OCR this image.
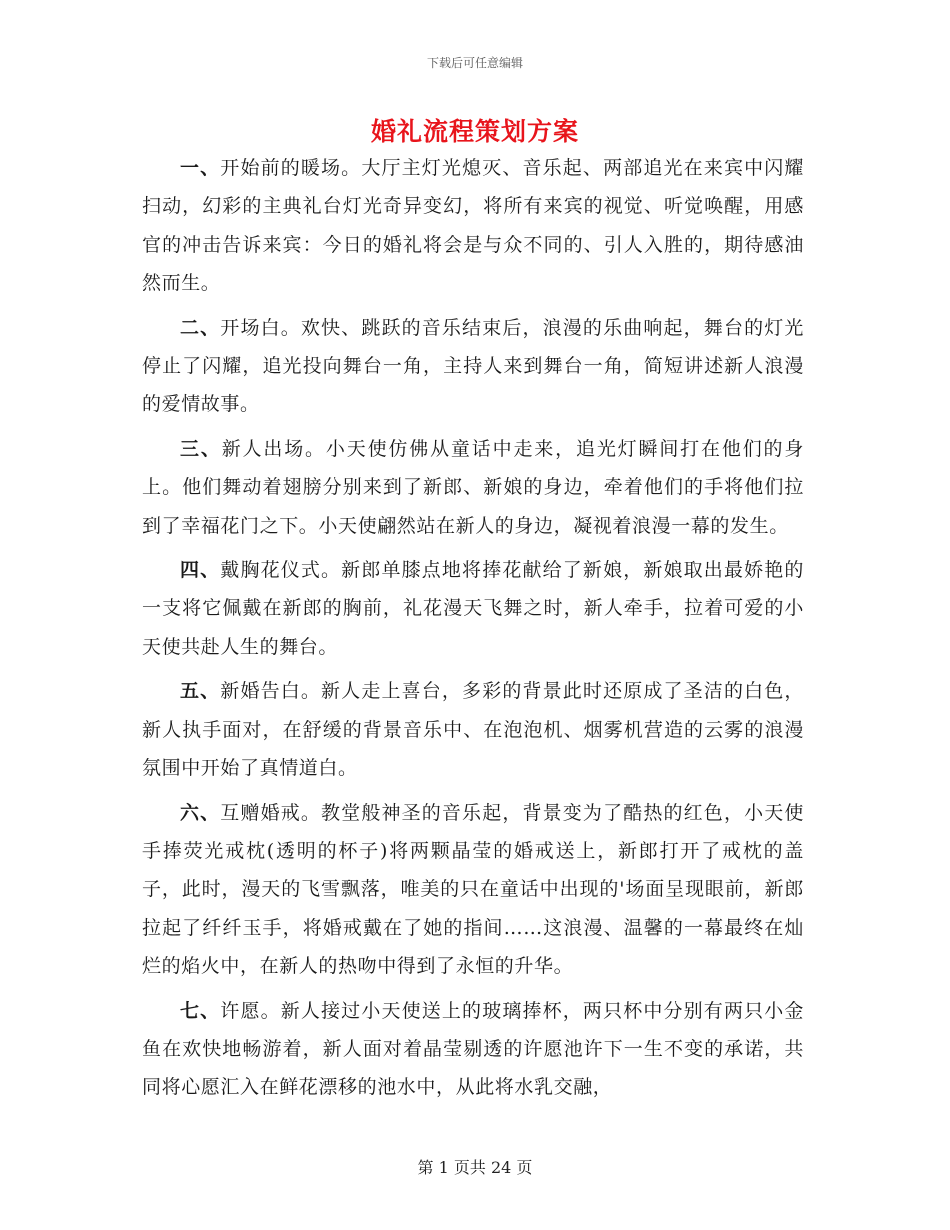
下载后可任意编辑
婚礼流程策划方案

一、开始前的暖场。大厅主灯光熄灭、音乐起、两部追光在来宾中闪耀扫动，幻彩的主典礼台灯光奇异变幻，将所有来宾的视觉、听觉唤醒，用感官的冲击告诉来宾：今日的婚礼将会是与众不同的、引人入胜的，期待感油然而生。

二、开场白。欢快、跳跃的音乐结束后，浪漫的乐曲响起，舞台的灯光停止了闪耀，追光投向舞台一角，主持人来到舞台一角，简短讲述新人浪漫的爱情故事。

三、新人出场。小天使仿佛从童话中走来，追光灯瞬间打在他们的身上。他们舞动着翅膀分别来到了新郎、新娘的身边，牵着他们的手将他们拉到了幸福花门之下。小天使翩然站在新人的身边，凝视着浪漫一幕的发生。

四、戴胸花仪式。新郎单膝点地将捧花献给了新娘，新娘取出最娇艳的一支将它佩戴在新郎的胸前，礼花漫天飞舞之时，新人牵手，拉着可爱的小天使共赴人生的舞台。

五、新婚告白。新人走上喜台，多彩的背景此时还原成了圣洁的白色，新人执手面对，在舒缓的背景音乐中、在泡泡机、烟雾机营造的云雾的浪漫氛围中开始了真情道白。

六、互赠婚戒。教堂般神圣的音乐起，背景变为了酷热的红色，小天使手捧荧光戒枕(透明的杯子)将两颗晶莹的婚戒送上，新郎打开了戒枕的盖子，此时，漫天的飞雪飘落，唯美的只在童话中出现的'场面呈现眼前，新郎拉起了纤纤玉手，将婚戒戴在了她的指间……这浪漫、温馨的一幕最终在灿烂的焰火中，在新人的热吻中得到了永恒的升华。

七、许愿。新人接过小天使送上的玻璃捧杯，两只杯中分别有两只小金鱼在欢快地畅游着，新人面对着晶莹剔透的许愿池许下一生不变的承诺，共同将心愿汇入在鲜花漂移的池水中，从此将水乳交融，

第 1 页共 24 页
